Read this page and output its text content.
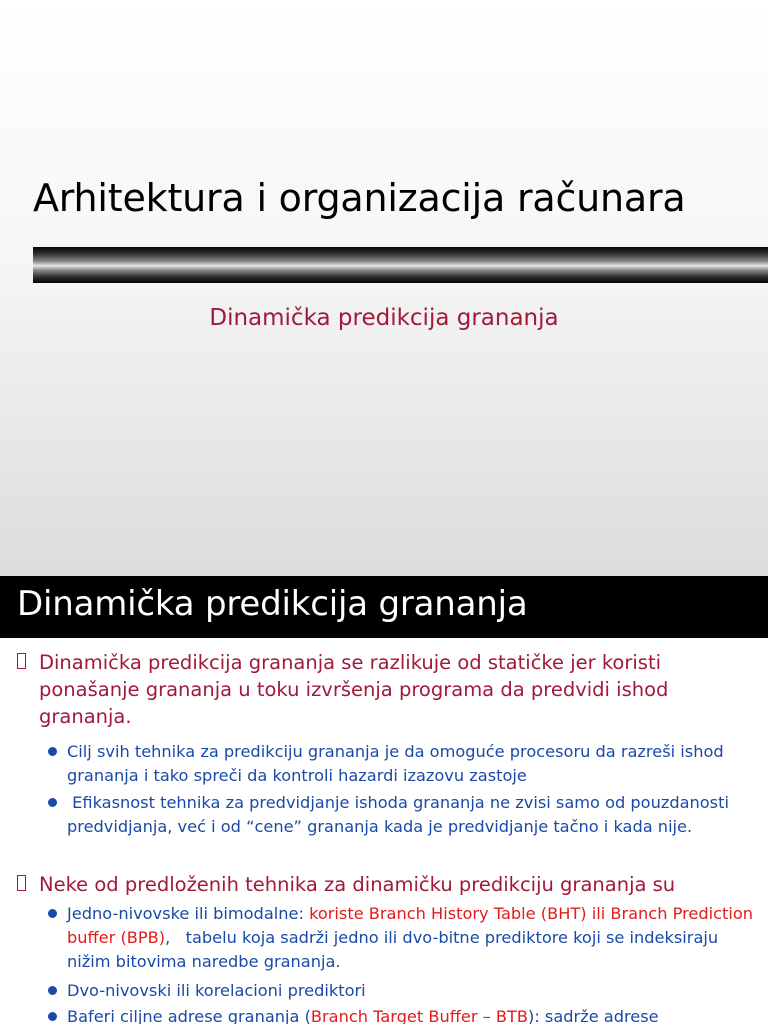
Arhitektura i organizacija računara
Dinamička predikcija grananja
Dinamička predikcija grananja
Dinamička predikcija grananja se razlikuje od statičke jer koristi ponašanje grananja u toku izvršenja programa da predvidi ishod grananja.
Cilj svih tehnika za predikciju grananja je da omoguće procesoru da razreši ishod grananja i tako spreči da kontroli hazardi izazovu zastoje
Efikasnost tehnika za predvidjanje ishoda grananja ne zvisi samo od pouzdanosti predvidjanja, već i od “cene” grananja kada je predvidjanje tačno i kada nije.
Neke od predloženih tehnika za dinamičku predikciju grananja su
Jedno-nivovske ili bimodalne: koriste Branch History Table (BHT) ili Branch Prediction buffer (BPB),   tabelu koja sadrži jedno ili dvo-bitne prediktore koji se indeksiraju nižim bitovima naredbe grananja.
Dvo-nivovski ili korelacioni prediktori
Baferi ciljne adrese grananja (Branch Target Buffer – BTB): sadrže adrese
